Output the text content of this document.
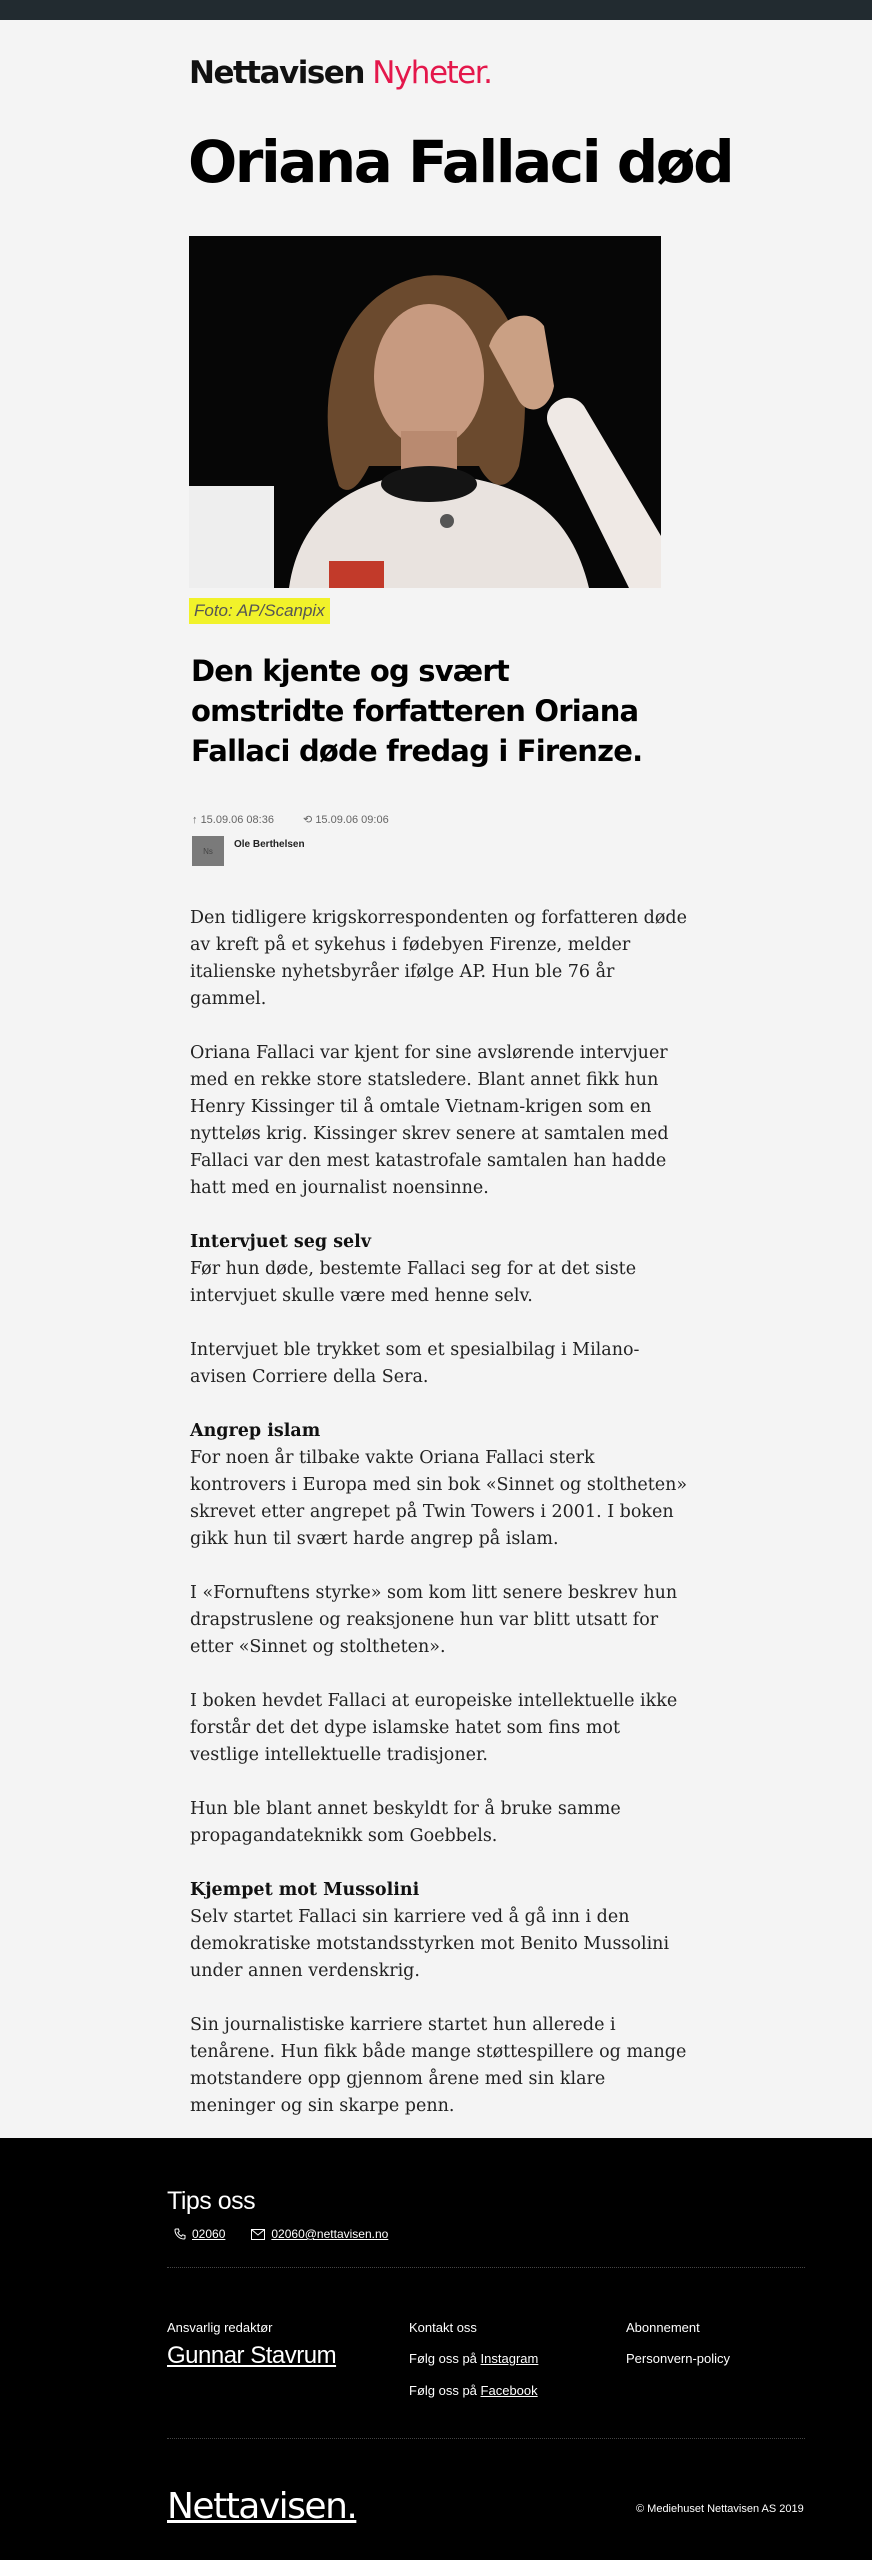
Nettavisen Nyheter.
Oriana Fallaci død
Foto: AP/Scanpix
Den kjente og svært omstridte forfatteren Oriana Fallaci døde fredag i Firenze.
↑ 15.09.06 08:36	⟲ 15.09.06 09:06
Ns
Ole Berthelsen

Den tidligere krigskorrespondenten og forfatteren døde av kreft på et sykehus i fødebyen Firenze, melder italienske nyhetsbyråer ifølge AP. Hun ble 76 år gammel.

Oriana Fallaci var kjent for sine avslørende intervjuer med en rekke store statsledere. Blant annet fikk hun Henry Kissinger til å omtale Vietnam-krigen som en nytteløs krig. Kissinger skrev senere at samtalen med Fallaci var den mest katastrofale samtalen han hadde hatt med en journalist noensinne.

Intervjuet seg selv

Før hun døde, bestemte Fallaci seg for at det siste intervjuet skulle være med henne selv.

Intervjuet ble trykket som et spesialbilag i Milano-avisen Corriere della Sera.

Angrep islam

For noen år tilbake vakte Oriana Fallaci sterk kontrovers i Europa med sin bok «Sinnet og stoltheten» skrevet etter angrepet på Twin Towers i 2001. I boken gikk hun til svært harde angrep på islam.

I «Fornuftens styrke» som kom litt senere beskrev hun drapstruslene og reaksjonene hun var blitt utsatt for etter «Sinnet og stoltheten».

I boken hevdet Fallaci at europeiske intellektuelle ikke forstår det det dype islamske hatet som fins mot vestlige intellektuelle tradisjoner.

Hun ble blant annet beskyldt for å bruke samme propagandateknikk som Goebbels.

Kjempet mot Mussolini

Selv startet Fallaci sin karriere ved å gå inn i den demokratiske motstandsstyrken mot Benito Mussolini under annen verdenskrig.

Sin journalistiske karriere startet hun allerede i tenårene. Hun fikk både mange støttespillere og mange motstandere opp gjennom årene med sin klare meninger og sin skarpe penn.

Tips oss
02060	02060@nettavisen.no
Ansvarlig redaktør
Gunnar Stavrum
Kontakt oss
Følg oss på Instagram
Følg oss på Facebook
Abonnement
Personvern-policy
Nettavisen.	© Mediehuset Nettavisen AS 2019
